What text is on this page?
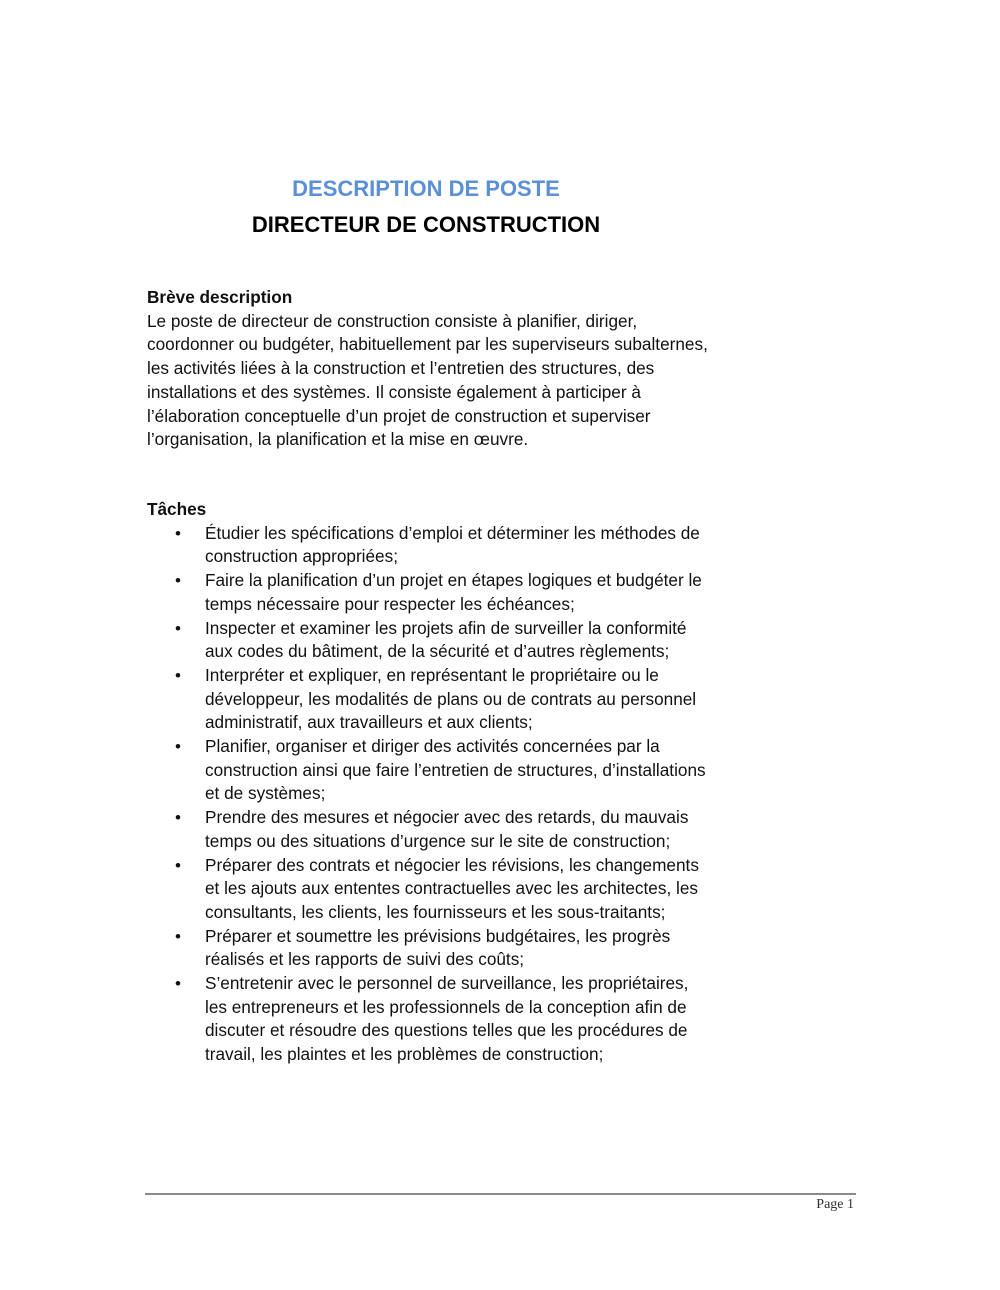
DESCRIPTION DE POSTE
DIRECTEUR DE CONSTRUCTION
Brève description

Le poste de directeur de construction consiste à planifier, diriger, coordonner ou budgéter, habituellement par les superviseurs subalternes, les activités liées à la construction et l’entretien des structures, des installations et des systèmes. Il consiste également à participer à l’élaboration conceptuelle d’un projet de construction et superviser l’organisation, la planification et la mise en œuvre.

Tâches
• Étudier les spécifications d’emploi et déterminer les méthodes de construction appropriées;
• Faire la planification d’un projet en étapes logiques et budgéter le temps nécessaire pour respecter les échéances;
• Inspecter et examiner les projets afin de surveiller la conformité aux codes du bâtiment, de la sécurité et d’autres règlements;
• Interpréter et expliquer, en représentant le propriétaire ou le développeur, les modalités de plans ou de contrats au personnel administratif, aux travailleurs et aux clients;
• Planifier, organiser et diriger des activités concernées par la construction ainsi que faire l’entretien de structures, d’installations et de systèmes;
• Prendre des mesures et négocier avec des retards, du mauvais temps ou des situations d’urgence sur le site de construction;
• Préparer des contrats et négocier les révisions, les changements et les ajouts aux ententes contractuelles avec les architectes, les consultants, les clients, les fournisseurs et les sous-traitants;
• Préparer et soumettre les prévisions budgétaires, les progrès réalisés et les rapports de suivi des coûts;
• S’entretenir avec le personnel de surveillance, les propriétaires, les entrepreneurs et les professionnels de la conception afin de discuter et résoudre des questions telles que les procédures de travail, les plaintes et les problèmes de construction;
Page 1
